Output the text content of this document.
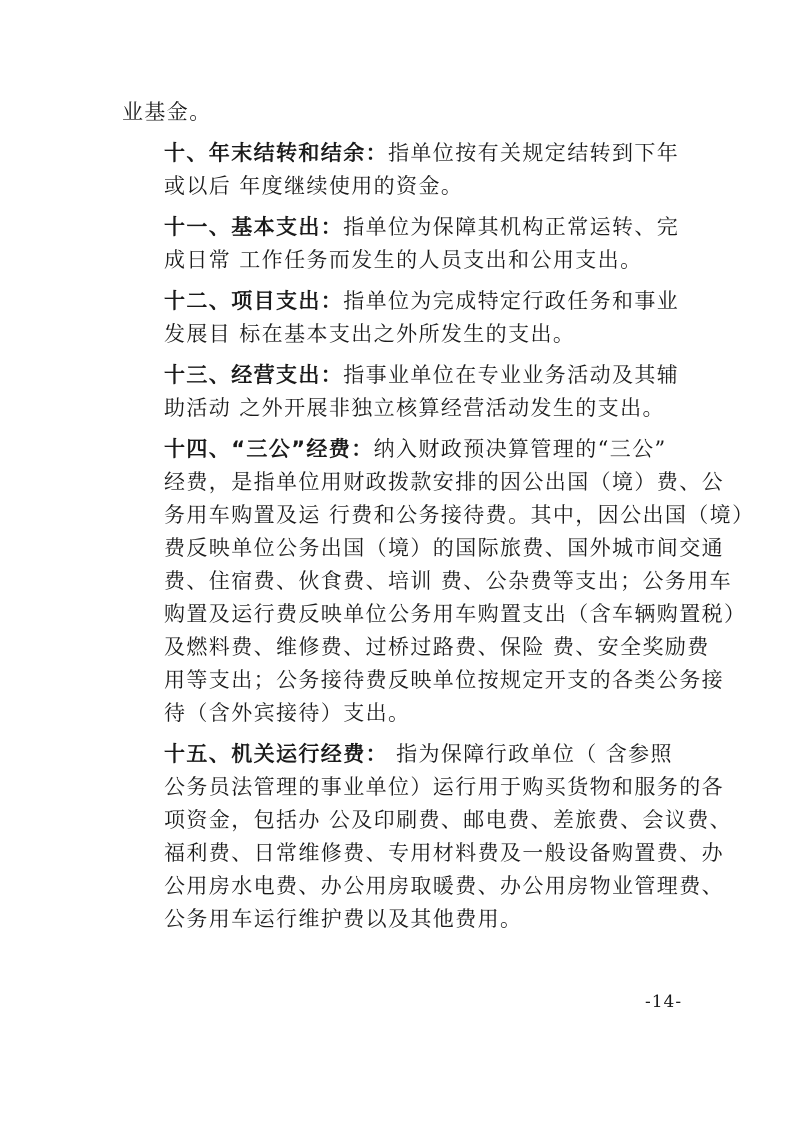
业基金。
十、年末结转和结余：指单位按有关规定结转到下年
或以后 年度继续使用的资金。
十一、基本支出：指单位为保障其机构正常运转、完
成日常 工作任务而发生的人员支出和公用支出。
十二、项目支出：指单位为完成特定行政任务和事业
发展目 标在基本支出之外所发生的支出。
十三、经营支出：指事业单位在专业业务活动及其辅
助活动 之外开展非独立核算经营活动发生的支出。
十四、“三公”经费：纳入财政预决算管理的“三公”
经费，是指单位用财政拨款安排的因公出国（境）费、公
务用车购置及运 行费和公务接待费。其中，因公出国（境）
费反映单位公务出国（境）的国际旅费、国外城市间交通
费、住宿费、伙食费、培训 费、公杂费等支出；公务用车
购置及运行费反映单位公务用车购置支出（含车辆购置税）
及燃料费、维修费、过桥过路费、保险 费、安全奖励费
用等支出；公务接待费反映单位按规定开支的各类公务接
待（含外宾接待）支出。
十五、机关运行经费： 指为保障行政单位（ 含参照
公务员法管理的事业单位）运行用于购买货物和服务的各
项资金，包括办 公及印刷费、邮电费、差旅费、会议费、
福利费、日常维修费、专用材料费及一般设备购置费、办
公用房水电费、办公用房取暖费、办公用房物业管理费、
公务用车运行维护费以及其他费用。
-14-
